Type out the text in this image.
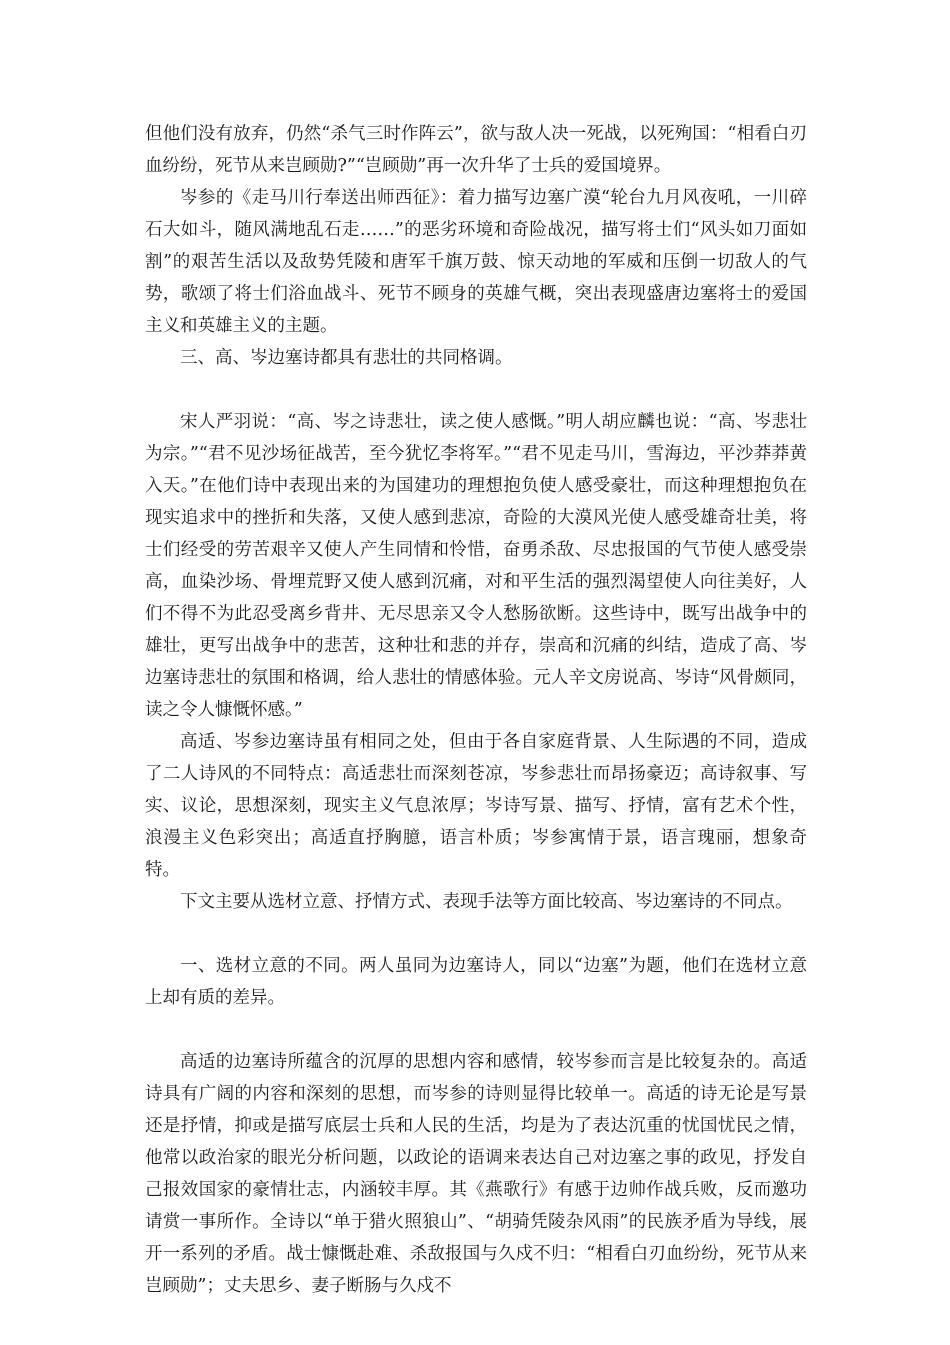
但他们没有放弃，仍然“杀气三时作阵云”，欲与敌人决一死战，以死殉国：“相看白刃血纷纷，死节从来岂顾勋?”“岂顾勋”再一次升华了士兵的爱国境界。

岑参的《走马川行奉送出师西征》：着力描写边塞广漠“轮台九月风夜吼，一川碎石大如斗，随风满地乱石走……”的恶劣环境和奇险战况，描写将士们“风头如刀面如割”的艰苦生活以及敌势凭陵和唐军千旗万鼓、惊天动地的军威和压倒一切敌人的气势，歌颂了将士们浴血战斗、死节不顾身的英雄气概，突出表现盛唐边塞将士的爱国主义和英雄主义的主题。

三、高、岑边塞诗都具有悲壮的共同格调。

宋人严羽说：“高、岑之诗悲壮，读之使人感慨。”明人胡应麟也说：“高、岑悲壮为宗。”“君不见沙场征战苦，至今犹忆李将军。”“君不见走马川，雪海边，平沙莽莽黄入天。”在他们诗中表现出来的为国建功的理想抱负使人感受豪壮，而这种理想抱负在现实追求中的挫折和失落，又使人感到悲凉，奇险的大漠风光使人感受雄奇壮美，将士们经受的劳苦艰辛又使人产生同情和怜惜，奋勇杀敌、尽忠报国的气节使人感受崇高，血染沙场、骨埋荒野又使人感到沉痛，对和平生活的强烈渴望使人向往美好，人们不得不为此忍受离乡背井、无尽思亲又令人愁肠欲断。这些诗中，既写出战争中的雄壮，更写出战争中的悲苦，这种壮和悲的并存，崇高和沉痛的纠结，造成了高、岑边塞诗悲壮的氛围和格调，给人悲壮的情感体验。元人辛文房说高、岑诗“风骨颇同，读之令人慷慨怀感。”

高适、岑参边塞诗虽有相同之处，但由于各自家庭背景、人生际遇的不同，造成了二人诗风的不同特点：高适悲壮而深刻苍凉，岑参悲壮而昂扬豪迈；高诗叙事、写实、议论，思想深刻，现实主义气息浓厚；岑诗写景、描写、抒情，富有艺术个性，浪漫主义色彩突出；高适直抒胸臆，语言朴质；岑参寓情于景，语言瑰丽，想象奇特。

下文主要从选材立意、抒情方式、表现手法等方面比较高、岑边塞诗的不同点。

一、选材立意的不同。两人虽同为边塞诗人，同以“边塞”为题，他们在选材立意上却有质的差异。

高适的边塞诗所蕴含的沉厚的思想内容和感情，较岑参而言是比较复杂的。高适诗具有广阔的内容和深刻的思想，而岑参的诗则显得比较单一。高适的诗无论是写景还是抒情，抑或是描写底层士兵和人民的生活，均是为了表达沉重的忧国忧民之情，他常以政治家的眼光分析问题，以政论的语调来表达自己对边塞之事的政见，抒发自己报效国家的豪情壮志，内涵较丰厚。其《燕歌行》有感于边帅作战兵败，反而邀功请赏一事所作。全诗以“单于猎火照狼山”、“胡骑凭陵杂风雨”的民族矛盾为导线，展开一系列的矛盾。战士慷慨赴难、杀敌报国与久戍不归：“相看白刃血纷纷，死节从来岂顾勋”；丈夫思乡、妻子断肠与久戍不
